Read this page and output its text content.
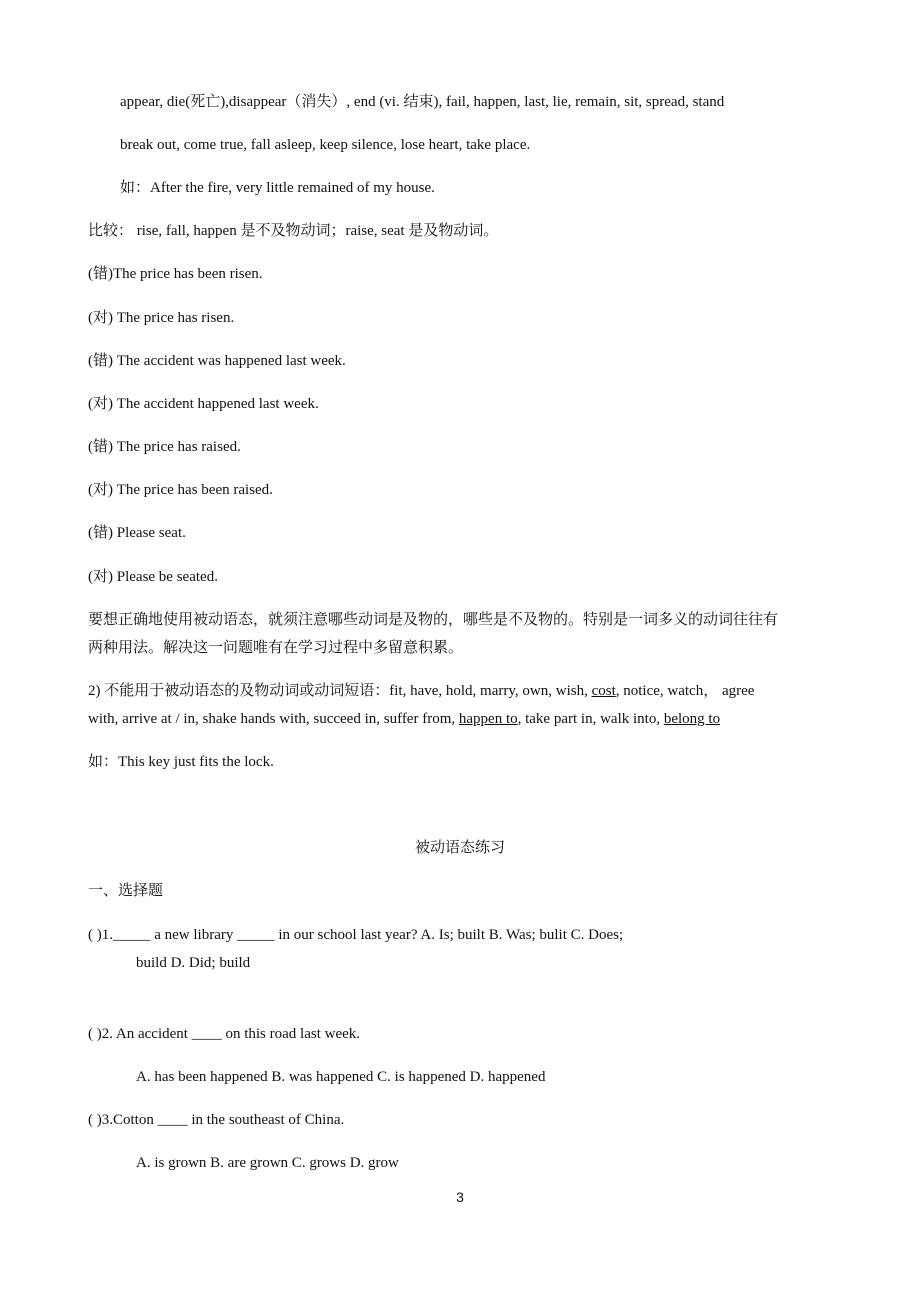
appear, die(死亡),disappear（消失）, end (vi. 结束), fail, happen, last, lie, remain, sit, spread, stand
break out, come true, fall asleep, keep silence, lose heart, take place.
如：After the fire, very little remained of my house.
比较： rise, fall, happen 是不及物动词；raise, seat 是及物动词。
(错)The price has been risen.
(对) The price has risen.
(错) The accident was happened last week.
(对) The accident happened last week.
(错) The price has raised.
(对) The price has been raised.
(错) Please seat.
(对) Please be seated.
要想正确地使用被动语态，就须注意哪些动词是及物的，哪些是不及物的。特别是一词多义的动词往往有
两种用法。解决这一问题唯有在学习过程中多留意积累。
2) 不能用于被动语态的及物动词或动词短语：fit, have, hold, marry, own, wish, cost, notice, watch， agree
with, arrive at / in, shake hands with, succeed in, suffer from, happen to, take part in, walk into, belong to
如：This key just fits the lock.
被动语态练习
一、选择题
( )1._____ a new library _____ in our school last year? A. Is; built B. Was; bulit C. Does;
build D. Did; build
( )2. An accident ____ on this road last week.
A. has been happened B. was happened C. is happened D. happened
( )3.Cotton ____ in the southeast of China.
A. is grown B. are grown C. grows D. grow
3
